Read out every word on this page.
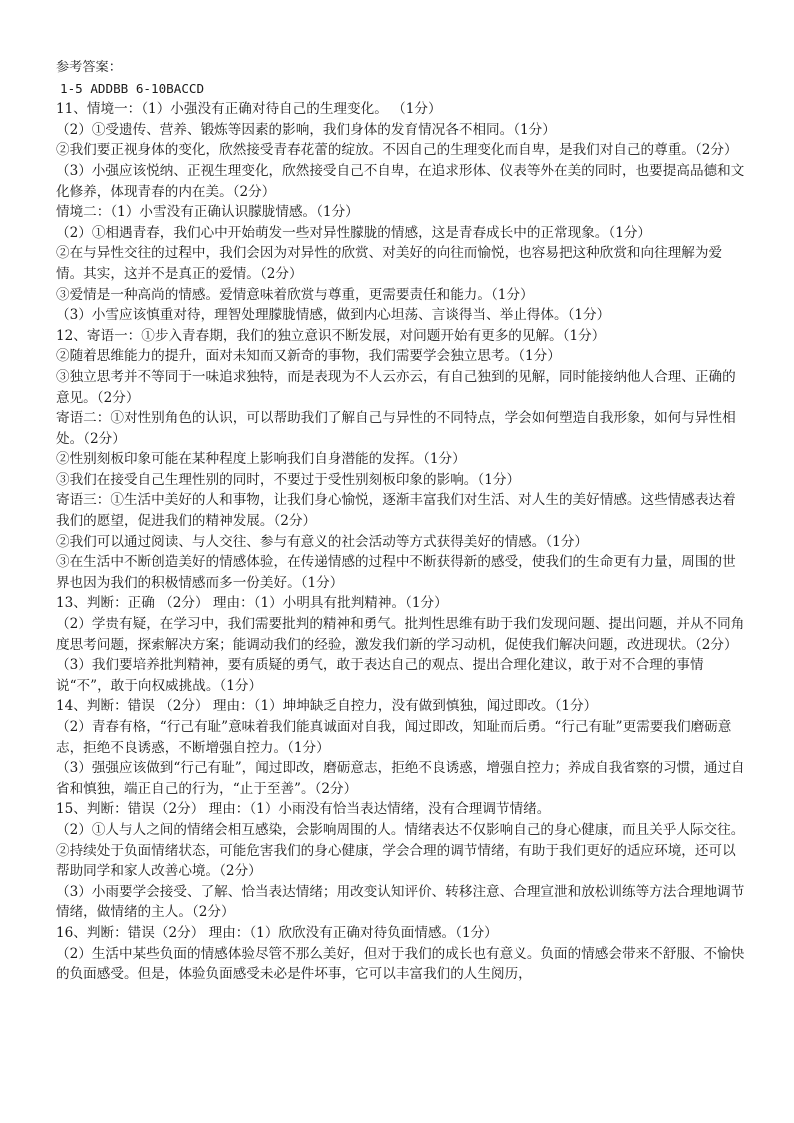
参考答案：

1-5 ADDBB 6-10BACCD

11、情境一：（1）小强没有正确对待自己的生理变化。 （1分）

（2）①受遗传、营养、锻炼等因素的影响，我们身体的发育情况各不相同。（1分）

②我们要正视身体的变化，欣然接受青春花蕾的绽放。不因自己的生理变化而自卑，是我们对自己的尊重。（2分）

（3）小强应该悦纳、正视生理变化，欣然接受自己不自卑，在追求形体、仪表等外在美的同时，也要提高品德和文化修养，体现青春的内在美。（2分）

情境二：（1）小雪没有正确认识朦胧情感。（1分）

（2）①相遇青春，我们心中开始萌发一些对异性朦胧的情感，这是青春成长中的正常现象。（1分）

②在与异性交往的过程中，我们会因为对异性的欣赏、对美好的向往而愉悦，也容易把这种欣赏和向往理解为爱情。其实，这并不是真正的爱情。（2分）

③爱情是一种高尚的情感。爱情意味着欣赏与尊重，更需要责任和能力。（1分）

（3）小雪应该慎重对待，理智处理朦胧情感，做到内心坦荡、言谈得当、举止得体。（1分）

12、寄语一：①步入青春期，我们的独立意识不断发展，对问题开始有更多的见解。（1分）

②随着思维能力的提升，面对未知而又新奇的事物，我们需要学会独立思考。（1分）

③独立思考并不等同于一味追求独特，而是表现为不人云亦云，有自己独到的见解，同时能接纳他人合理、正确的意见。（2分）

寄语二：①对性别角色的认识，可以帮助我们了解自己与异性的不同特点，学会如何塑造自我形象，如何与异性相处。（2分）

②性别刻板印象可能在某种程度上影响我们自身潜能的发挥。（1分）

③我们在接受自己生理性别的同时，不要过于受性别刻板印象的影响。（1分）

寄语三：①生活中美好的人和事物，让我们身心愉悦，逐渐丰富我们对生活、对人生的美好情感。这些情感表达着我们的愿望，促进我们的精神发展。（2分）

②我们可以通过阅读、与人交往、参与有意义的社会活动等方式获得美好的情感。（1分）

③在生活中不断创造美好的情感体验，在传递情感的过程中不断获得新的感受，使我们的生命更有力量，周围的世界也因为我们的积极情感而多一份美好。（1分）

13、判断：正确 （2分） 理由：（1）小明具有批判精神。（1分）

（2）学贵有疑，在学习中，我们需要批判的精神和勇气。批判性思维有助于我们发现问题、提出问题，并从不同角度思考问题，探索解决方案；能调动我们的经验，激发我们新的学习动机，促使我们解决问题，改进现状。（2分）

（3）我们要培养批判精神，要有质疑的勇气，敢于表达自己的观点、提出合理化建议，敢于对不合理的事情说“不”，敢于向权威挑战。（1分）

14、判断：错误 （2分） 理由：（1）坤坤缺乏自控力，没有做到慎独，闻过即改。（1分）

（2）青春有格，“行己有耻”意味着我们能真诚面对自我，闻过即改，知耻而后勇。“行己有耻”更需要我们磨砺意志，拒绝不良诱惑，不断增强自控力。（1分）

（3）强强应该做到“行己有耻”，闻过即改，磨砺意志，拒绝不良诱惑，增强自控力；养成自我省察的习惯，通过自省和慎独，端正自己的行为，“止于至善”。（2分）

15、判断：错误（2分） 理由：（1）小雨没有恰当表达情绪，没有合理调节情绪。

（2）①人与人之间的情绪会相互感染，会影响周围的人。情绪表达不仅影响自己的身心健康，而且关乎人际交往。②持续处于负面情绪状态，可能危害我们的身心健康，学会合理的调节情绪，有助于我们更好的适应环境，还可以帮助同学和家人改善心境。（2分）

（3）小雨要学会接受、了解、恰当表达情绪；用改变认知评价、转移注意、合理宣泄和放松训练等方法合理地调节情绪，做情绪的主人。（2分）

16、判断：错误（2分） 理由：（1）欣欣没有正确对待负面情感。（1分）

（2）生活中某些负面的情感体验尽管不那么美好，但对于我们的成长也有意义。负面的情感会带来不舒服、不愉快的负面感受。但是，体验负面感受未必是件坏事，它可以丰富我们的人生阅历，
